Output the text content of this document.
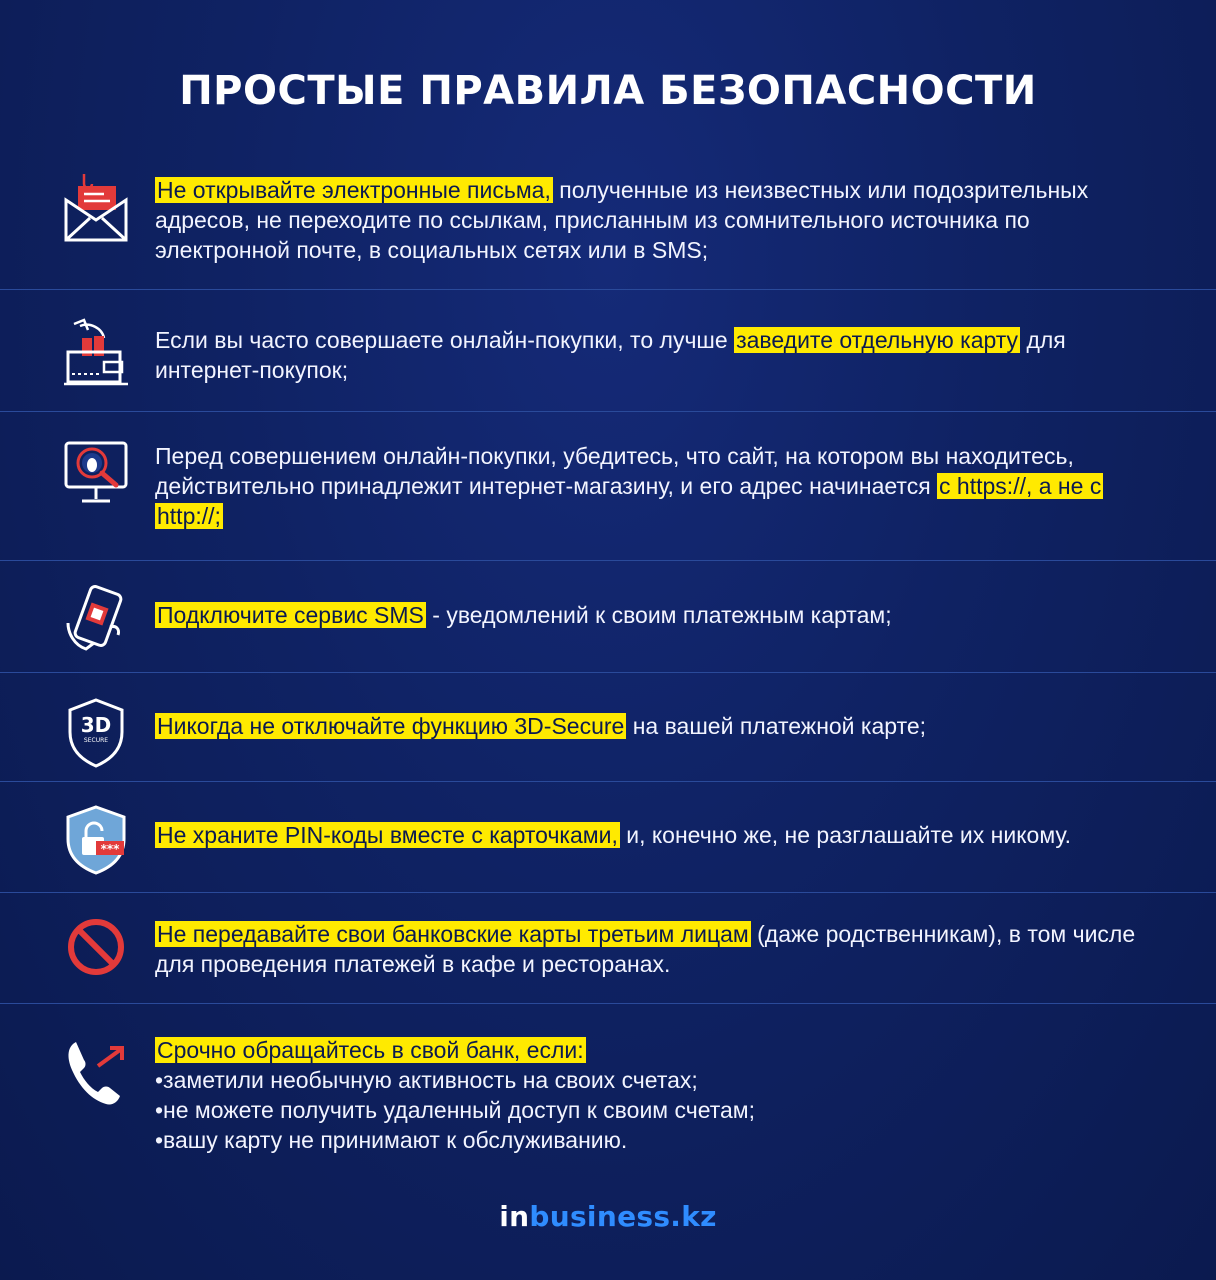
ПРОСТЫЕ ПРАВИЛА БЕЗОПАСНОСТИ
Не открывайте электронные письма, полученные из неизвестных или подозрительных адресов, не переходите по ссылкам, присланным из сомнительного источника по электронной почте, в социальных сетях или в SMS;
Если вы часто совершаете онлайн-покупки, то лучше заведите отдельную карту для интернет-покупок;
Перед совершением онлайн-покупки, убедитесь, что сайт, на котором вы находитесь, действительно принадлежит интернет-магазину, и его адрес начинается с https://, а не с http://;
Подключите сервис SMS - уведомлений к своим платежным картам;
3D
SECURE
Никогда не отключайте функцию 3D-Secure на вашей платежной карте;
***
Не храните PIN-коды вместе с карточками, и, конечно же, не разглашайте их никому.
Не передавайте свои банковские карты третьим лицам (даже родственникам), в том числе для проведения платежей в кафе и ресторанах.
Срочно обращайтесь в свой банк, если:
•заметили необычную активность на своих счетах;
•не можете получить удаленный доступ к своим счетам;
•вашу карту не принимают к обслуживанию.
inbusiness.kz
